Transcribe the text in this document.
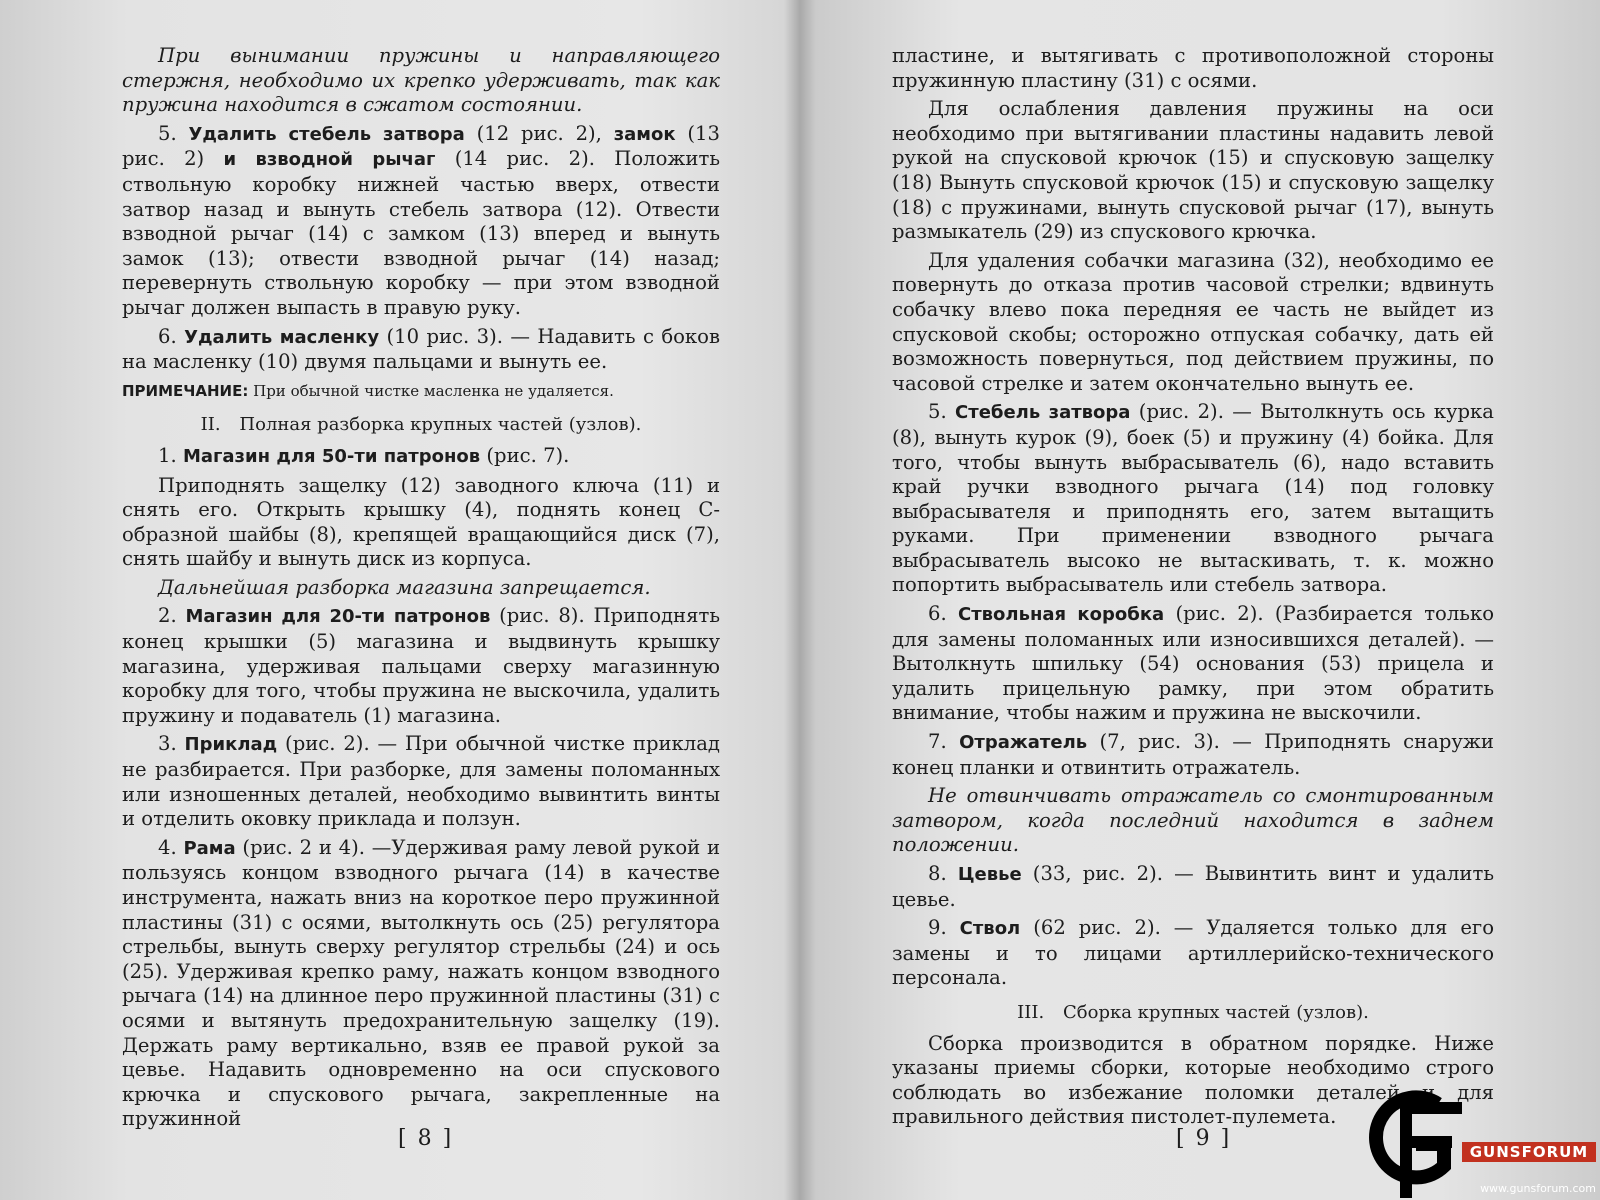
При вынимании пружины и направляющего стержня, необходимо их крепко удерживать, так как пружина находится в сжатом состоянии.

5. Удалить стебель затвора (12 рис. 2), замок (13 рис. 2) и взводной рычаг (14 рис. 2). Положить ствольную коробку нижней частью вверх, отвести затвор назад и вынуть стебель затвора (12). Отвести взводной рычаг (14) с замком (13) вперед и вынуть замок (13); отвести взводной рычаг (14) назад; перевернуть ствольную коробку — при этом взводной рычаг должен выпасть в правую руку.

6. Удалить масленку (10 рис. 3). — Надавить с боков на масленку (10) двумя пальцами и вынуть ее.

ПРИМЕЧАНИЕ: При обычной чистке масленка не удаляется.

II. Полная разборка крупных частей (узлов).

1. Магазин для 50-ти патронов (рис. 7).

Приподнять защелку (12) заводного ключа (11) и снять его. Открыть крышку (4), поднять конец С-образной шайбы (8), крепящей вращающийся диск (7), снять шайбу и вынуть диск из корпуса.

Дальнейшая разборка магазина запрещается.

2. Магазин для 20-ти патронов (рис. 8). Приподнять конец крышки (5) магазина и выдвинуть крышку магазина, удерживая пальцами сверху магазинную коробку для того, чтобы пружина не выскочила, удалить пружину и подаватель (1) магазина.

3. Приклад (рис. 2). — При обычной чистке приклад не разбирается. При разборке, для замены поломанных или изношенных деталей, необходимо вывинтить винты и отделить оковку приклада и ползун.

4. Рама (рис. 2 и 4). —Удерживая раму левой рукой и пользуясь концом взводного рычага (14) в качестве инструмента, нажать вниз на короткое перо пружинной пластины (31) с осями, вытолкнуть ось (25) регулятора стрельбы, вынуть сверху регулятор стрельбы (24) и ось (25). Удерживая крепко раму, нажать концом взводного рычага (14) на длинное перо пружинной пластины (31) с осями и вытянуть предохранительную защелку (19). Держать раму вертикально, взяв ее правой рукой за цевье. Надавить одновременно на оси спускового крючка и спускового рычага, закрепленные на пружинной

[ 8 ]

пластине, и вытягивать с противоположной стороны пружинную пластину (31) с осями.

Для ослабления давления пружины на оси необходимо при вытягивании пластины надавить левой рукой на спусковой крючок (15) и спусковую защелку (18) Вынуть спусковой крючок (15) и спусковую защелку (18) с пружинами, вынуть спусковой рычаг (17), вынуть размыкатель (29) из спускового крючка.

Для удаления собачки магазина (32), необходимо ее повернуть до отказа против часовой стрелки; вдвинуть собачку влево пока передняя ее часть не выйдет из спусковой скобы; осторожно отпуская собачку, дать ей возможность повернуться, под действием пружины, по часовой стрелке и затем окончательно вынуть ее.

5. Стебель затвора (рис. 2). — Вытолкнуть ось курка (8), вынуть курок (9), боек (5) и пружину (4) бойка. Для того, чтобы вынуть выбрасыватель (6), надо вставить край ручки взводного рычага (14) под головку выбрасывателя и приподнять его, затем вытащить руками. При применении взводного рычага выбрасыватель высоко не вытаскивать, т. к. можно попортить выбрасыватель или стебель затвора.

6. Ствольная коробка (рис. 2). (Разбирается только для замены поломанных или износившихся деталей). — Вытолкнуть шпильку (54) основания (53) прицела и удалить прицельную рамку, при этом обратить внимание, чтобы нажим и пружина не выскочили.

7. Отражатель (7, рис. 3). — Приподнять снаружи конец планки и отвинтить отражатель.

Не отвинчивать отражатель со смонтированным затвором, когда последний находится в заднем положении.

8. Цевье (33, рис. 2). — Вывинтить винт и удалить цевье.

9. Ствол (62 рис. 2). — Удаляется только для его замены и то лицами артиллерийско-технического персонала.

III. Сборка крупных частей (узлов).

Сборка производится в обратном порядке. Ниже указаны приемы сборки, которые необходимо строго соблюдать во избежание поломки деталей и для правильного действия пистолет-пулемета.

[ 9 ]
GUNSFORUM
www.gunsforum.com
